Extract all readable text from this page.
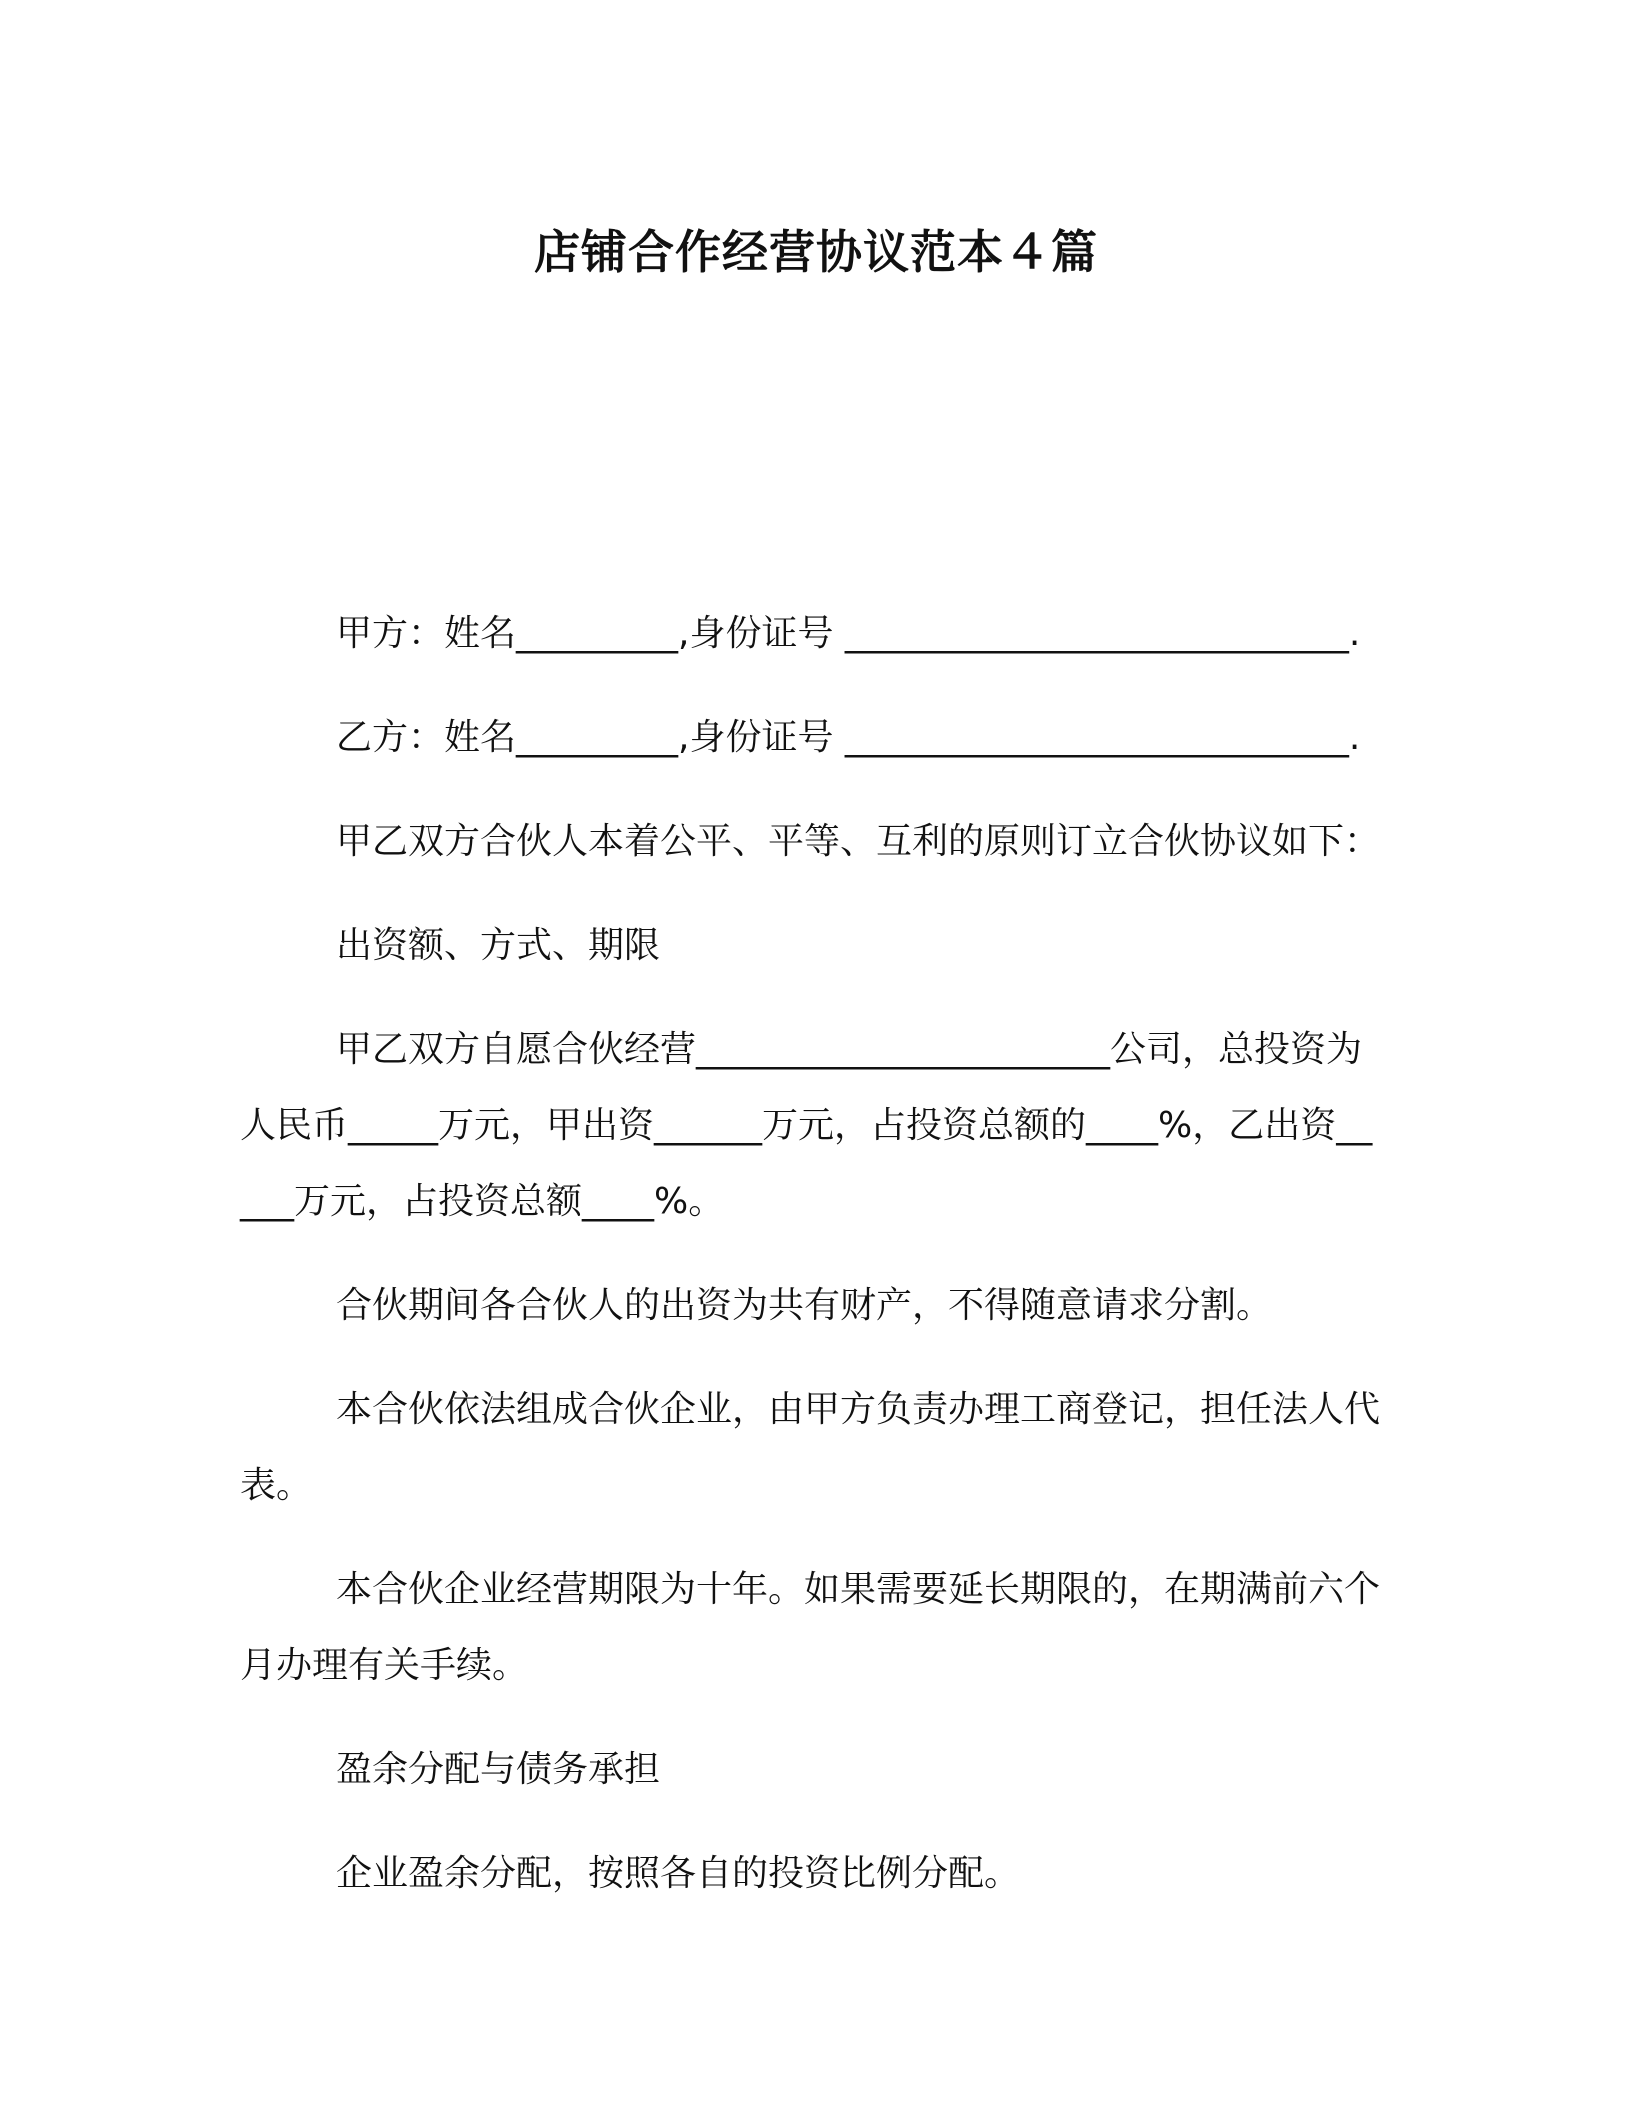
店铺合作经营协议范本４篇

甲方：姓名_________,身份证号 ____________________________.

乙方：姓名_________,身份证号 ____________________________.

甲乙双方合伙人本着公平、平等、互利的原则订立合伙协议如下：

出资额、方式、期限

甲乙双方自愿合伙经营_______________________公司，总投资为人民币_____万元，甲出资______万元，占投资总额的____%，乙出资_____万元，占投资总额____%。

合伙期间各合伙人的出资为共有财产，不得随意请求分割。

本合伙依法组成合伙企业，由甲方负责办理工商登记，担任法人代表。

本合伙企业经营期限为十年。如果需要延长期限的，在期满前六个月办理有关手续。

盈余分配与债务承担

企业盈余分配，按照各自的投资比例分配。
